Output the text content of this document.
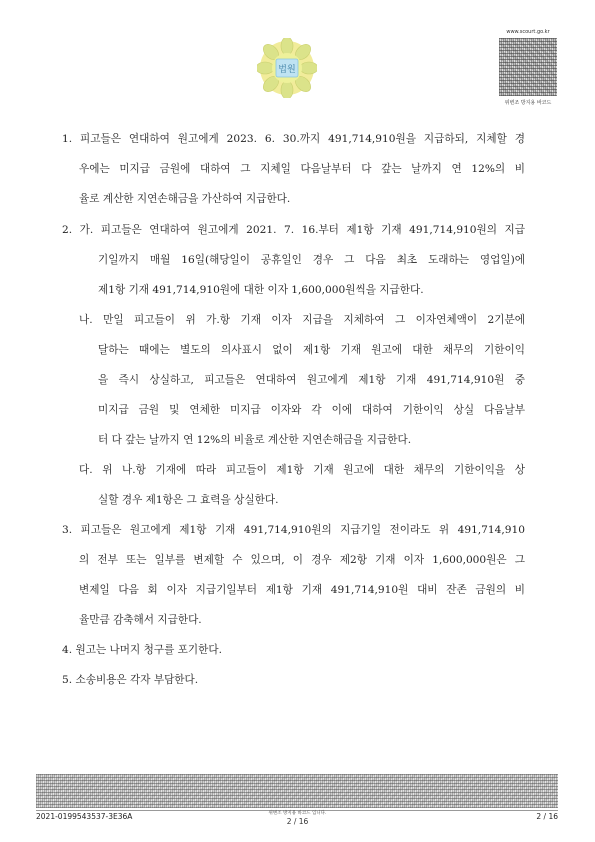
법원
www.scourt.go.kr
위변조 방지용 바코드
1. 피고들은 연대하여 원고에게 2023. 6. 30.까지 491,714,910원을 지급하되, 지체할 경
우에는 미지급 금원에 대하여 그 지체일 다음날부터 다 갚는 날까지 연 12%의 비
율로 계산한 지연손해금을 가산하여 지급한다.
2. 가. 피고들은 연대하여 원고에게 2021. 7. 16.부터 제1항 기재 491,714,910원의 지급
기일까지 매월 16일(해당일이 공휴일인 경우 그 다음 최초 도래하는 영업일)에
제1항 기재 491,714,910원에 대한 이자 1,600,000원씩을 지급한다.
나. 만일 피고들이 위 가.항 기재 이자 지급을 지체하여 그 이자연체액이 2기분에
달하는 때에는 별도의 의사표시 없이 제1항 기재 원고에 대한 채무의 기한이익
을 즉시 상실하고, 피고들은 연대하여 원고에게 제1항 기재 491,714,910원 중
미지급 금원 및 연체한 미지급 이자와 각 이에 대하여 기한이익 상실 다음날부
터 다 갚는 날까지 연 12%의 비율로 계산한 지연손해금을 지급한다.
다. 위 나.항 기재에 따라 피고들이 제1항 기재 원고에 대한 채무의 기한이익을 상
실할 경우 제1항은 그 효력을 상실한다.
3. 피고들은 원고에게 제1항 기재 491,714,910원의 지급기일 전이라도 위 491,714,910
의 전부 또는 일부를 변제할 수 있으며, 이 경우 제2항 기재 이자 1,600,000원은 그
변제일 다음 회 이자 지급기일부터 제1항 기재 491,714,910원 대비 잔존 금원의 비
율만큼 감축해서 지급한다.
4. 원고는 나머지 청구를 포기한다.
5. 소송비용은 각자 부담한다.
2021-0199543537-3E36A	위변조 방지용 바코드 입니다.
2 / 16
2 / 16
